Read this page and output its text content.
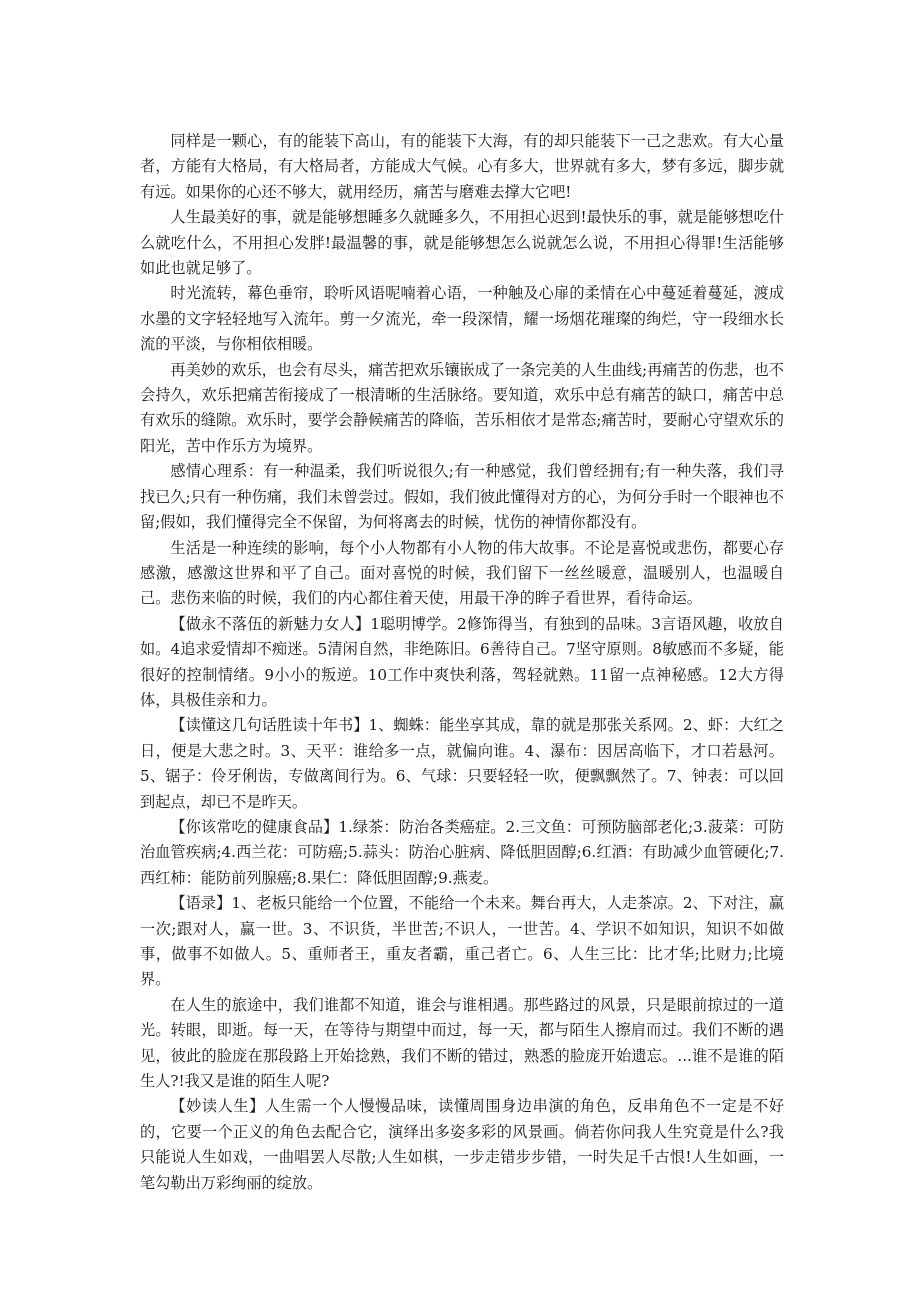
同样是一颗心，有的能装下高山，有的能装下大海，有的却只能装下一己之悲欢。有大心量者，方能有大格局，有大格局者，方能成大气候。心有多大，世界就有多大，梦有多远，脚步就有远。如果你的心还不够大，就用经历，痛苦与磨难去撑大它吧!

人生最美好的事，就是能够想睡多久就睡多久，不用担心迟到!最快乐的事，就是能够想吃什么就吃什么，不用担心发胖!最温馨的事，就是能够想怎么说就怎么说，不用担心得罪!生活能够如此也就足够了。

时光流转，幕色垂帘，聆听风语呢喃着心语，一种触及心扉的柔情在心中蔓延着蔓延，渡成水墨的文字轻轻地写入流年。剪一夕流光，牵一段深情，耀一场烟花璀璨的绚烂，守一段细水长流的平淡，与你相依相暖。

再美妙的欢乐，也会有尽头，痛苦把欢乐镶嵌成了一条完美的人生曲线;再痛苦的伤悲，也不会持久，欢乐把痛苦衔接成了一根清晰的生活脉络。要知道，欢乐中总有痛苦的缺口，痛苦中总有欢乐的缝隙。欢乐时，要学会静候痛苦的降临，苦乐相依才是常态;痛苦时，要耐心守望欢乐的阳光，苦中作乐方为境界。

感情心理系：有一种温柔，我们听说很久;有一种感觉，我们曾经拥有;有一种失落，我们寻找已久;只有一种伤痛，我们未曾尝过。假如，我们彼此懂得对方的心，为何分手时一个眼神也不留;假如，我们懂得完全不保留，为何将离去的时候，忧伤的神情你都没有。

生活是一种连续的影响，每个小人物都有小人物的伟大故事。不论是喜悦或悲伤，都要心存感激，感激这世界和平了自己。面对喜悦的时候，我们留下一丝丝暖意，温暖别人，也温暖自己。悲伤来临的时候，我们的内心都住着天使，用最干净的眸子看世界，看待命运。

【做永不落伍的新魅力女人】1聪明博学。2修饰得当，有独到的品味。3言语风趣，收放自如。4追求爱情却不痴迷。5清闲自然，非绝陈旧。6善待自己。7坚守原则。8敏感而不多疑，能很好的控制情绪。9小小的叛逆。10工作中爽快利落，驾轻就熟。11留一点神秘感。12大方得体，具极佳亲和力。

【读懂这几句话胜读十年书】1、蜘蛛：能坐享其成，靠的就是那张关系网。2、虾：大红之日，便是大悲之时。3、天平：谁给多一点，就偏向谁。4、瀑布：因居高临下，才口若悬河。5、锯子：伶牙俐齿，专做离间行为。6、气球：只要轻轻一吹，便飘飘然了。7、钟表：可以回到起点，却已不是昨天。

【你该常吃的健康食品】1.绿茶：防治各类癌症。2.三文鱼：可预防脑部老化;3.菠菜：可防治血管疾病;4.西兰花：可防癌;5.蒜头：防治心脏病、降低胆固醇;6.红酒：有助减少血管硬化;7.西红柿：能防前列腺癌;8.果仁：降低胆固醇;9.燕麦。

【语录】1、老板只能给一个位置，不能给一个未来。舞台再大，人走茶凉。2、下对注，赢一次;跟对人，赢一世。3、不识货，半世苦;不识人，一世苦。4、学识不如知识，知识不如做事，做事不如做人。5、重师者王，重友者霸，重己者亡。6、人生三比：比才华;比财力;比境界。

在人生的旅途中，我们谁都不知道，谁会与谁相遇。那些路过的风景，只是眼前掠过的一道光。转眼，即逝。每一天，在等待与期望中而过，每一天，都与陌生人擦肩而过。我们不断的遇见，彼此的脸庞在那段路上开始捻熟，我们不断的错过，熟悉的脸庞开始遗忘。...谁不是谁的陌生人?!我又是谁的陌生人呢?

【妙读人生】人生需一个人慢慢品味，读懂周围身边串演的角色，反串角色不一定是不好的，它要一个正义的角色去配合它，演绎出多姿多彩的风景画。倘若你问我人生究竟是什么?我只能说人生如戏，一曲唱罢人尽散;人生如棋，一步走错步步错，一时失足千古恨!人生如画，一笔勾勒出万彩绚丽的绽放。
